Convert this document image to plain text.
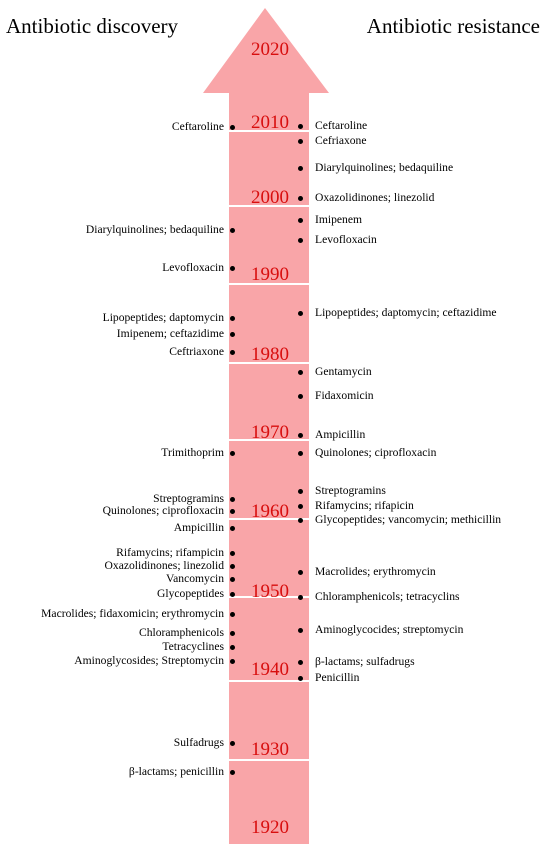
Antibiotic discovery	Antibiotic resistance
2020
2010
2000
1990
1980
1970
1960
1950
1940
1930
1920
Ceftaroline
Diarylquinolines; bedaquiline
Levofloxacin
Lipopeptides; daptomycin
Imipenem; ceftazidime
Ceftriaxone
Trimithoprim
Streptogramins
Quinolones; ciprofloxacin
Ampicillin
Rifamycins; rifampicin
Oxazolidinones; linezolid
Vancomycin
Glycopeptides
Macrolides; fidaxomicin; erythromycin
Chloramphenicols
Tetracyclines
Aminoglycosides; Streptomycin
Sulfadrugs
β-lactams; penicillin
Ceftaroline
Cefriaxone
Diarylquinolines; bedaquiline
Oxazolidinones; linezolid
Imipenem
Levofloxacin
Lipopeptides; daptomycin; ceftazidime
Gentamycin
Fidaxomicin
Ampicillin
Quinolones; ciprofloxacin
Streptogramins
Rifamycins; rifapicin
Glycopeptides; vancomycin; methicillin
Macrolides; erythromycin
Chloramphenicols; tetracyclins
Aminoglycocides; streptomycin
β-lactams; sulfadrugs
Penicillin
